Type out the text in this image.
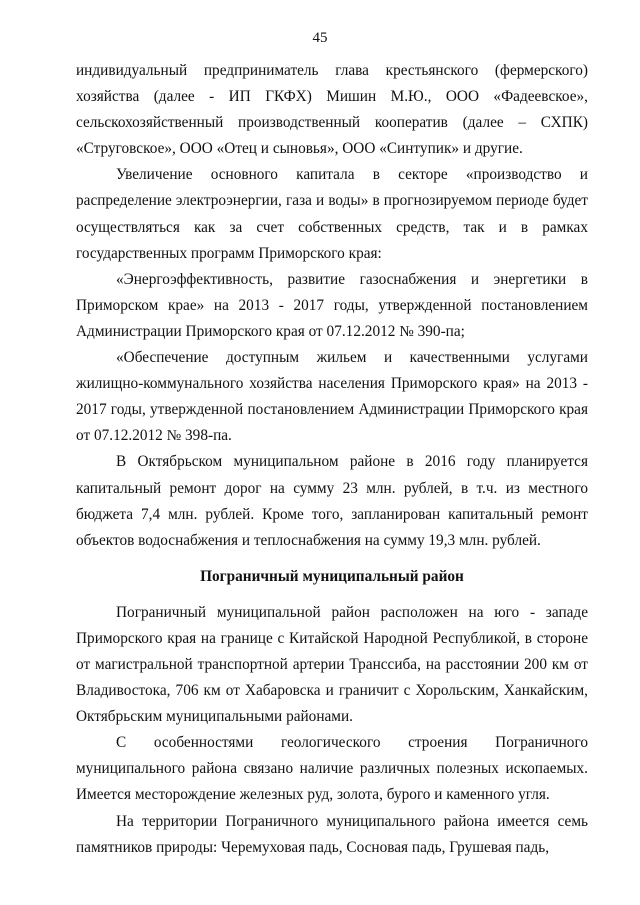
45

индивидуальный предприниматель глава крестьянского (фермерского) хозяйства (далее - ИП ГКФХ) Мишин М.Ю., ООО «Фадеевское», сельскохозяйственный производственный кооператив (далее – СХПК) «Струговское», ООО «Отец и сыновья», ООО «Синтупик» и другие.

Увеличение основного капитала в секторе «производство и распределение электроэнергии, газа и воды» в прогнозируемом периоде будет осуществляться как за счет собственных средств, так и в рамках государственных программ Приморского края:

«Энергоэффективность, развитие газоснабжения и энергетики в Приморском крае» на 2013 - 2017 годы, утвержденной постановлением Администрации Приморского края от 07.12.2012 № 390-па;

«Обеспечение доступным жильем и качественными услугами жилищно-коммунального хозяйства населения Приморского края» на 2013 - 2017 годы, утвержденной постановлением Администрации Приморского края от 07.12.2012 № 398-па.

В Октябрьском муниципальном районе в 2016 году планируется капитальный ремонт дорог на сумму 23 млн. рублей, в т.ч. из местного бюджета 7,4 млн. рублей. Кроме того, запланирован капитальный ремонт объектов водоснабжения и теплоснабжения на сумму 19,3 млн. рублей.

Пограничный муниципальный район

Пограничный муниципальной район расположен на юго - западе Приморского края на границе с Китайской Народной Республикой, в стороне от магистральной транспортной артерии Транссиба, на расстоянии 200 км от Владивостока, 706 км от Хабаровска и граничит с Хорольским, Ханкайским, Октябрьским муниципальными районами.

С особенностями геологического строения Пограничного муниципального района связано наличие различных полезных ископаемых. Имеется месторождение железных руд, золота, бурого и каменного угля.

На территории Пограничного муниципального района имеется семь памятников природы: Черемуховая падь, Сосновая падь, Грушевая падь,
